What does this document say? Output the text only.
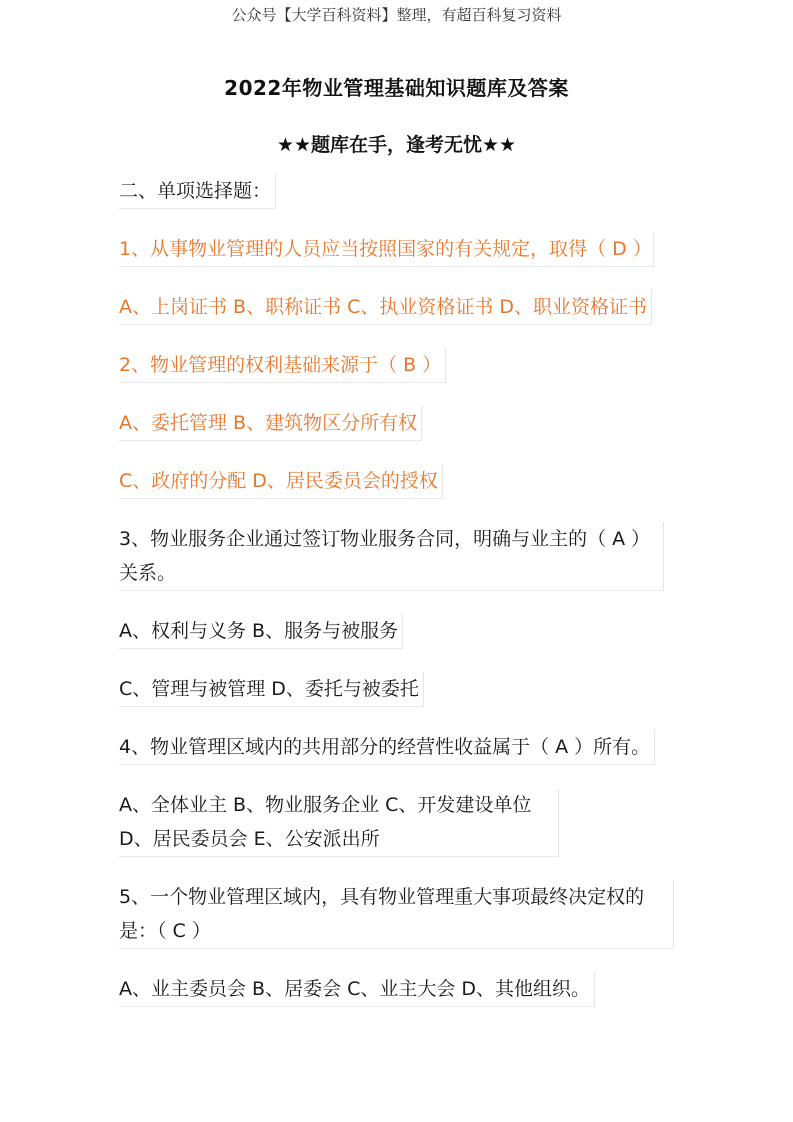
公众号【大学百科资料】整理，有超百科复习资料
2022年物业管理基础知识题库及答案
★★题库在手，逢考无忧★★
二、单项选择题：
1、从事物业管理的人员应当按照国家的有关规定，取得（ D ）
A、上岗证书 B、职称证书 C、执业资格证书 D、职业资格证书
2、物业管理的权利基础来源于（ B ）
A、委托管理 B、建筑物区分所有权
C、政府的分配 D、居民委员会的授权
3、物业服务企业通过签订物业服务合同，明确与业主的（ A ）关系。
A、权利与义务 B、服务与被服务
C、管理与被管理 D、委托与被委托
4、物业管理区域内的共用部分的经营性收益属于（ A ）所有。
A、全体业主 B、物业服务企业 C、开发建设单位 D、居民委员会 E、公安派出所
5、一个物业管理区域内，具有物业管理重大事项最终决定权的是：（ C ）
A、业主委员会 B、居委会 C、业主大会 D、其他组织。
